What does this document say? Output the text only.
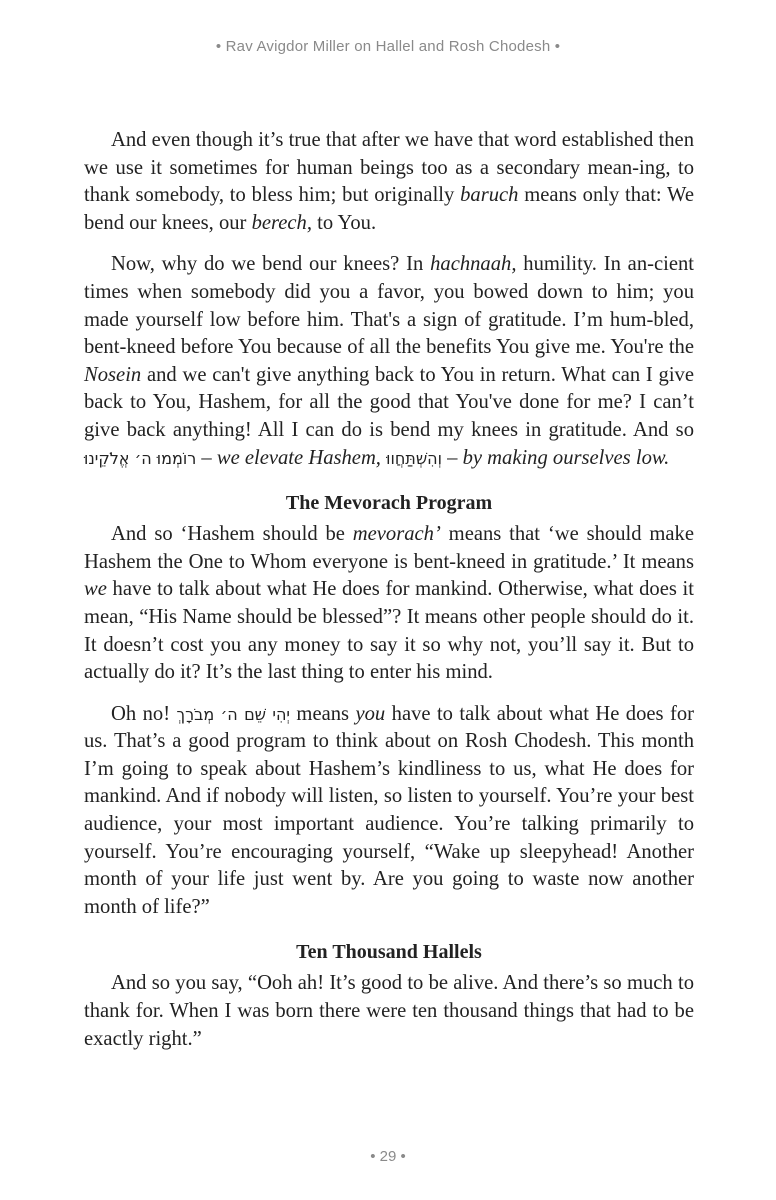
• Rav Avigdor Miller on Hallel and Rosh Chodesh •

And even though it’s true that after we have that word established then we use it sometimes for human beings too as a secondary mean-ing, to thank somebody, to bless him; but originally baruch means only that: We bend our knees, our berech, to You.

Now, why do we bend our knees? In hachnaah, humility. In an-cient times when somebody did you a favor, you bowed down to him; you made yourself low before him. That's a sign of gratitude. I’m hum-bled, bent-kneed before You because of all the benefits You give me. You're the Nosein and we can't give anything back to You in return. What can I give back to You, Hashem, for all the good that You've done for me? I can’t give back anything! All I can do is bend my knees in gratitude. And so רוֹמְמוּ ה׳ אֱלֹקֵינוּ – we elevate Hashem, וְהִשְׁתַּחֲווּ – by making ourselves low.

The Mevorach Program

And so ‘Hashem should be mevorach’ means that ‘we should make Hashem the One to Whom everyone is bent-kneed in gratitude.’ It means we have to talk about what He does for mankind. Otherwise, what does it mean, “His Name should be blessed”? It means other people should do it. It doesn’t cost you any money to say it so why not, you’ll say it. But to actually do it? It’s the last thing to enter his mind.

Oh no! יְהִי שֵׁם ה׳ מְבֹרָךְ means you have to talk about what He does for us. That’s a good program to think about on Rosh Chodesh. This month I’m going to speak about Hashem’s kindliness to us, what He does for mankind. And if nobody will listen, so listen to yourself. You’re your best audience, your most important audience. You’re talking primarily to yourself. You’re encouraging yourself, “Wake up sleepyhead! Another month of your life just went by. Are you going to waste now another month of life?”

Ten Thousand Hallels

And so you say, “Ooh ah! It’s good to be alive. And there’s so much to thank for. When I was born there were ten thousand things that had to be exactly right.”

• 29 •
